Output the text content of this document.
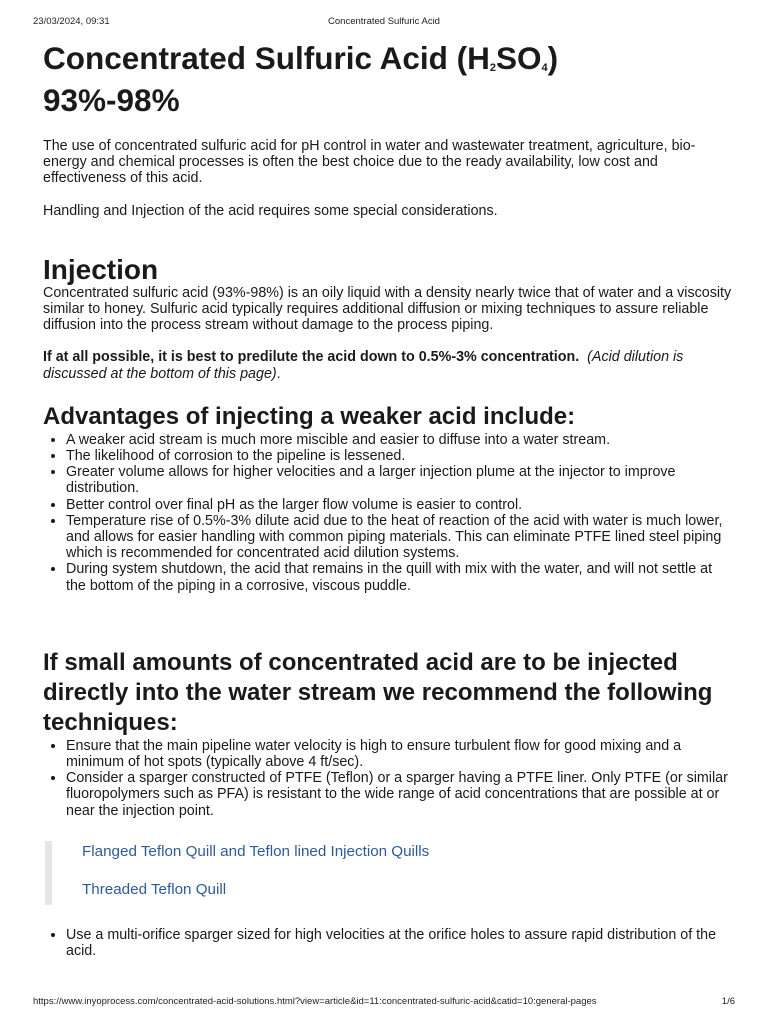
23/03/2024, 09:31	Concentrated Sulfuric Acid
Concentrated Sulfuric Acid $(H_2SO_4)$
93%-98%

The use of concentrated sulfuric acid for pH control in water and wastewater treatment, agriculture, bio-energy and chemical processes is often the best choice due to the ready availability, low cost and effectiveness of this acid.

Handling and Injection of the acid requires some special considerations.

Injection

Concentrated sulfuric acid (93%-98%) is an oily liquid with a density nearly twice that of water and a viscosity similar to honey. Sulfuric acid typically requires additional diffusion or mixing techniques to assure reliable diffusion into the process stream without damage to the process piping.

If at all possible, it is best to predilute the acid down to 0.5%-3% concentration. (Acid dilution is discussed at the bottom of this page).

Advantages of injecting a weaker acid include:
• A weaker acid stream is much more miscible and easier to diffuse into a water stream.
• The likelihood of corrosion to the pipeline is lessened.
• Greater volume allows for higher velocities and a larger injection plume at the injector to improve distribution.
• Better control over final pH as the larger flow volume is easier to control.
• Temperature rise of 0.5%-3% dilute acid due to the heat of reaction of the acid with water is much lower, and allows for easier handling with common piping materials. This can eliminate PTFE lined steel piping which is recommended for concentrated acid dilution systems.
• During system shutdown, the acid that remains in the quill with mix with the water, and will not settle at the bottom of the piping in a corrosive, viscous puddle.
If small amounts of concentrated acid are to be injected directly into the water stream we recommend the following techniques:
• Ensure that the main pipeline water velocity is high to ensure turbulent flow for good mixing and a minimum of hot spots (typically above 4 ft/sec).
• Consider a sparger constructed of PTFE (Teflon) or a sparger having a PTFE liner. Only PTFE (or similar fluoropolymers such as PFA) is resistant to the wide range of acid concentrations that are possible at or near the injection point.
Flanged Teflon Quill and Teflon lined Injection Quills
Threaded Teflon Quill
• Use a multi-orifice sparger sized for high velocities at the orifice holes to assure rapid distribution of the acid.
https://www.inyoprocess.com/concentrated-acid-solutions.html?view=article&id=11:concentrated-sulfuric-acid&catid=10:general-pages	1/6
